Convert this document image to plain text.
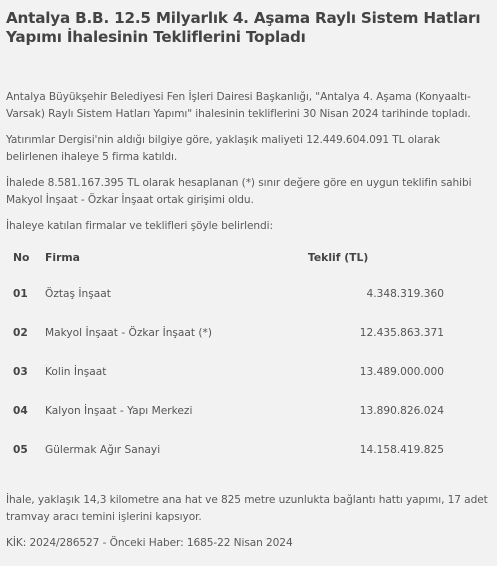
Antalya B.B. 12.5 Milyarlık 4. Aşama Raylı Sistem Hatları Yapımı İhalesinin Tekliflerini Topladı

Antalya Büyükşehir Belediyesi Fen İşleri Dairesi Başkanlığı, "Antalya 4. Aşama (Konyaaltı-Varsak) Raylı Sistem Hatları Yapımı" ihalesinin tekliflerini 30 Nisan 2024 tarihinde topladı.

Yatırımlar Dergisi'nin aldığı bilgiye göre, yaklaşık maliyeti 12.449.604.091 TL olarak belirlenen ihaleye 5 firma katıldı.

İhalede 8.581.167.395 TL olarak hesaplanan (*) sınır değere göre en uygun teklifin sahibi Makyol İnşaat - Özkar İnşaat ortak girişimi oldu.

İhaleye katılan firmalar ve teklifleri şöyle belirlendi:

No	Firma	Teklif (TL)
01	Öztaş İnşaat	4.348.319.360
02	Makyol İnşaat - Özkar İnşaat (*)	12.435.863.371
03	Kolin İnşaat	13.489.000.000
04	Kalyon İnşaat - Yapı Merkezi	13.890.826.024
05	Gülermak Ağır Sanayi	14.158.419.825

İhale, yaklaşık 14,3 kilometre ana hat ve 825 metre uzunlukta bağlantı hattı yapımı, 17 adet tramvay aracı temini işlerini kapsıyor.

KİK: 2024/286527 - Önceki Haber: 1685-22 Nisan 2024
